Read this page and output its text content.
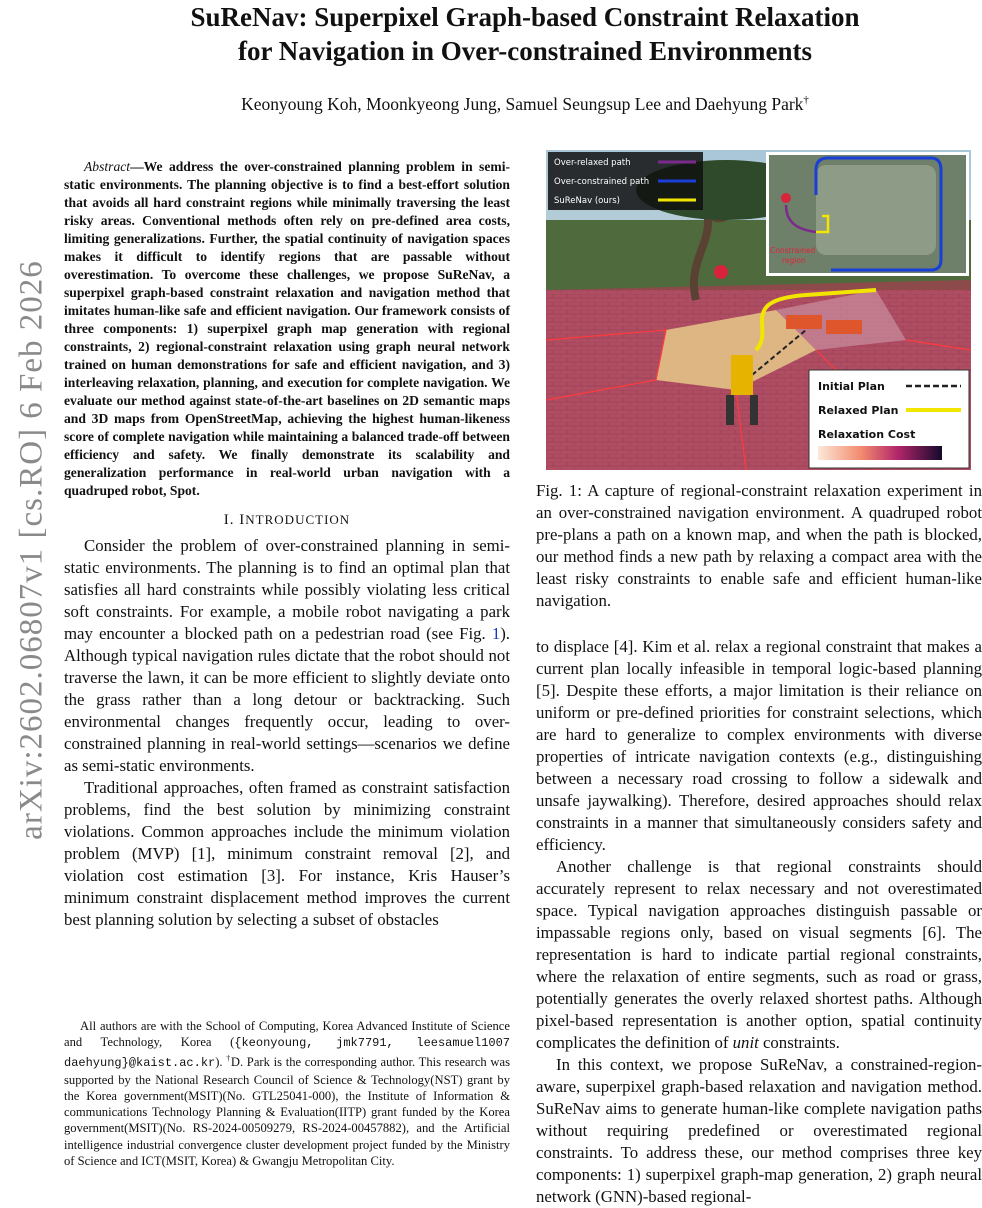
arXiv:2602.06807v1 [cs.RO] 6 Feb 2026
SuReNav: Superpixel Graph-based Constraint Relaxation
for Navigation in Over-constrained Environments

Keonyoung Koh, Moonkyeong Jung, Samuel Seungsup Lee and Daehyung Park†

Abstract—We address the over-constrained planning problem in semi-static environments. The planning objective is to find a best-effort solution that avoids all hard constraint regions while minimally traversing the least risky areas. Conventional methods often rely on pre-defined area costs, limiting generalizations. Further, the spatial continuity of navigation spaces makes it difficult to identify regions that are passable without overestimation. To overcome these challenges, we propose SuReNav, a superpixel graph-based constraint relaxation and navigation method that imitates human-like safe and efficient navigation. Our framework consists of three components: 1) superpixel graph map generation with regional constraints, 2) regional-constraint relaxation using graph neural network trained on human demonstrations for safe and efficient navigation, and 3) interleaving relaxation, planning, and execution for complete navigation. We evaluate our method against state-of-the-art baselines on 2D semantic maps and 3D maps from OpenStreetMap, achieving the highest human-likeness score of complete navigation while maintaining a balanced trade-off between efficiency and safety. We finally demonstrate its scalability and generalization performance in real-world urban navigation with a quadruped robot, Spot.

I. INTRODUCTION

Consider the problem of over-constrained planning in semi-static environments. The planning is to find an optimal plan that satisfies all hard constraints while possibly violating less critical soft constraints. For example, a mobile robot navigating a park may encounter a blocked path on a pedestrian road (see Fig. 1). Although typical navigation rules dictate that the robot should not traverse the lawn, it can be more efficient to slightly deviate onto the grass rather than a long detour or backtracking. Such environmental changes frequently occur, leading to over-constrained planning in real-world settings—scenarios we define as semi-static environments.

Traditional approaches, often framed as constraint satisfaction problems, find the best solution by minimizing constraint violations. Common approaches include the minimum violation problem (MVP) [1], minimum constraint removal [2], and violation cost estimation [3]. For instance, Kris Hauser’s minimum constraint displacement method improves the current best planning solution by selecting a subset of obstacles

All authors are with the School of Computing, Korea Advanced Institute of Science and Technology, Korea ({keonyoung, jmk7791, leesamuel1007 daehyung}@kaist.ac.kr). †D. Park is the corresponding author. This research was supported by the National Research Council of Science & Technology(NST) grant by the Korea government(MSIT)(No. GTL25041-000), the Institute of Information & communications Technology Planning & Evaluation(IITP) grant funded by the Korea government(MSIT)(No. RS-2024-00509279, RS-2024-00457882), and the Artificial intelligence industrial convergence cluster development project funded by the Ministry of Science and ICT(MSIT, Korea) & Gwangju Metropolitan City.

Over-relaxed path
Over-constrained path
SuReNav (ours)
Constrained
region
Initial Plan
Relaxed Plan
Relaxation Cost

Fig. 1: A capture of regional-constraint relaxation experiment in an over-constrained navigation environment. A quadruped robot pre-plans a path on a known map, and when the path is blocked, our method finds a new path by relaxing a compact area with the least risky constraints to enable safe and efficient human-like navigation.

to displace [4]. Kim et al. relax a regional constraint that makes a current plan locally infeasible in temporal logic-based planning [5]. Despite these efforts, a major limitation is their reliance on uniform or pre-defined priorities for constraint selections, which are hard to generalize to complex environments with diverse properties of intricate navigation contexts (e.g., distinguishing between a necessary road crossing to follow a sidewalk and unsafe jaywalking). Therefore, desired approaches should relax constraints in a manner that simultaneously considers safety and efficiency.

Another challenge is that regional constraints should accurately represent to relax necessary and not overestimated space. Typical navigation approaches distinguish passable or impassable regions only, based on visual segments [6]. The representation is hard to indicate partial regional constraints, where the relaxation of entire segments, such as road or grass, potentially generates the overly relaxed shortest paths. Although pixel-based representation is another option, spatial continuity complicates the definition of unit constraints.

In this context, we propose SuReNav, a constrained-region-aware, superpixel graph-based relaxation and navigation method. SuReNav aims to generate human-like complete navigation paths without requiring predefined or overestimated regional constraints. To address these, our method comprises three key components: 1) superpixel graph-map generation, 2) graph neural network (GNN)-based regional-
